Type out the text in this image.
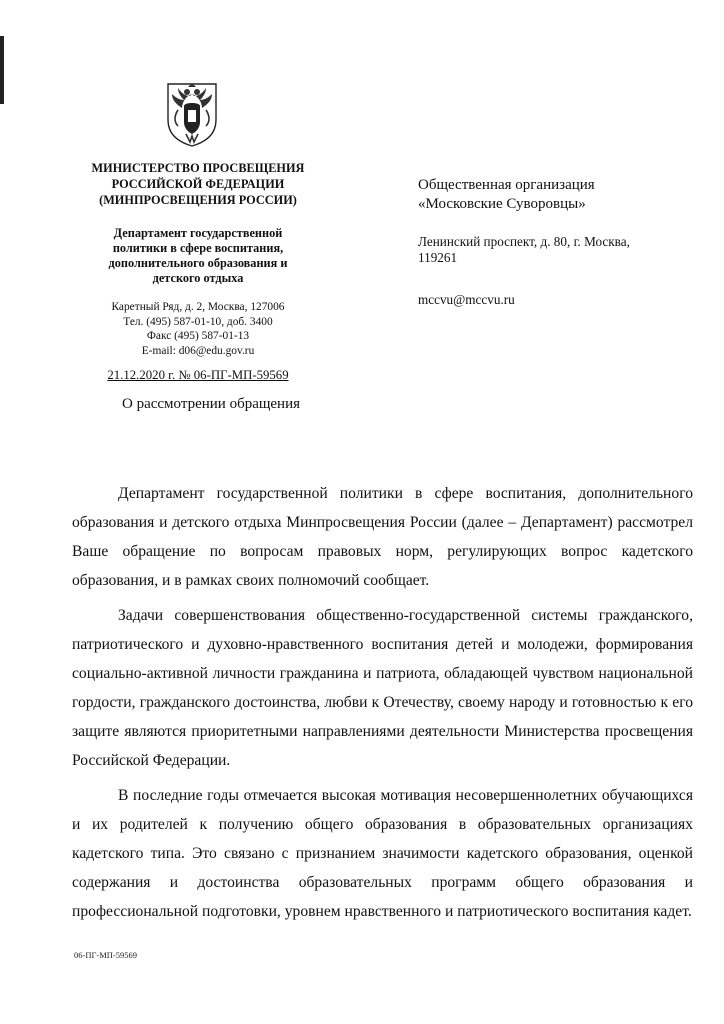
МИНИСТЕРСТВО ПРОСВЕЩЕНИЯ
РОССИЙСКОЙ ФЕДЕРАЦИИ
(МИНПРОСВЕЩЕНИЯ РОССИИ)
Департамент государственной
политики в сфере воспитания,
дополнительного образования и
детского отдыха
Каретный Ряд, д. 2, Москва, 127006
Тел. (495) 587-01-10, доб. 3400
Факс (495) 587-01-13
E-mail: d06@edu.gov.ru
21.12.2020 г. № 06-ПГ-МП-59569
О рассмотрении обращения
Общественная организация
«Московские Суворовцы»
Ленинский проспект, д. 80, г. Москва,
119261
mccvu@mccvu.ru

Департамент государственной политики в сфере воспитания, дополнительного образования и детского отдыха Минпросвещения России (далее – Департамент) рассмотрел Ваше обращение по вопросам правовых норм, регулирующих вопрос кадетского образования, и в рамках своих полномочий сообщает.

Задачи совершенствования общественно-государственной системы гражданского, патриотического и духовно-нравственного воспитания детей и молодежи, формирования социально-активной личности гражданина и патриота, обладающей чувством национальной гордости, гражданского достоинства, любви к Отечеству, своему народу и готовностью к его защите являются приоритетными направлениями деятельности Министерства просвещения Российской Федерации.

В последние годы отмечается высокая мотивация несовершеннолетних обучающихся и их родителей к получению общего образования в образовательных организациях кадетского типа. Это связано с признанием значимости кадетского образования, оценкой содержания и достоинства образовательных программ общего образования и профессиональной подготовки, уровнем нравственного и патриотического воспитания кадет.

06-ПГ-МП-59569
